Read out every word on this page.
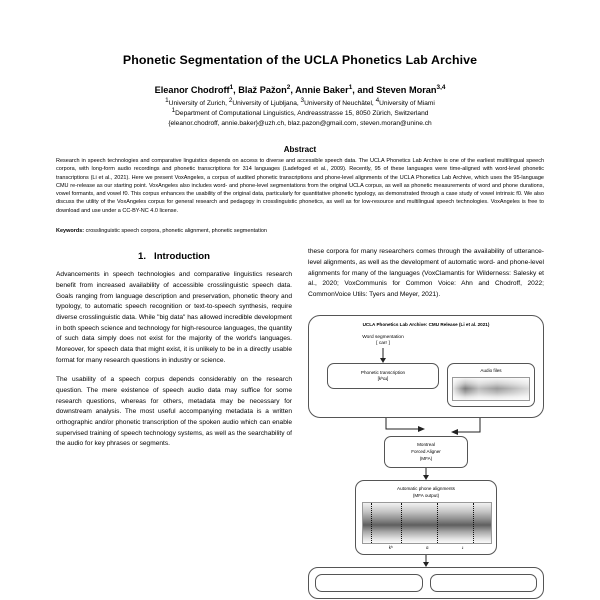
Phonetic Segmentation of the UCLA Phonetics Lab Archive
Eleanor Chodroff$^1$, Blaž Pažon$^2$, Annie Baker$^1$, and Steven Moran$^{3,4}$
$^1$University of Zurich, $^2$University of Ljubljana, $^3$University of Neuchâtel, $^4$University of Miami
$^1$Department of Computational Linguistics, Andreasstrasse 15, 8050 Zürich, Switzerland
{eleanor.chodroff, annie.baker}@uzh.ch, blaz.pazon@gmail.com, steven.moran@unine.ch
Abstract

Research in speech technologies and comparative linguistics depends on access to diverse and accessible speech data. The UCLA Phonetics Lab Archive is one of the earliest multilingual speech corpora, with long-form audio recordings and phonetic transcriptions for 314 languages (Ladefoged et al., 2009). Recently, 95 of these languages were time-aligned with word-level phonetic transcriptions (Li et al., 2021). Here we present VoxAngeles, a corpus of audited phonetic transcriptions and phone-level alignments of the UCLA Phonetics Lab Archive, which uses the 95-language CMU re-release as our starting point. VoxAngeles also includes word- and phone-level segmentations from the original UCLA corpus, as well as phonetic measurements of word and phone durations, vowel formants, and vowel f0. This corpus enhances the usability of the original data, particularly for quantitative phonetic typology, as demonstrated through a case study of vowel intrinsic f0. We also discuss the utility of the VoxAngeles corpus for general research and pedagogy in crosslinguistic phonetics, as well as for low-resource and multilingual speech technologies. VoxAngeles is free to download and use under a CC-BY-NC 4.0 license.

Keywords: crosslinguistic speech corpora, phonetic alignment, phonetic segmentation

1. Introduction

Advancements in speech technologies and comparative linguistics research benefit from increased availability of accessible crosslinguistic speech data. Goals ranging from language description and preservation, phonetic theory and typology, to automatic speech recognition or text-to-speech synthesis, require diverse crosslinguistic data. While "big data" has allowed incredible development in both speech science and technology for high-resource languages, the quantity of such data simply does not exist for the majority of the world's languages. Moreover, for speech data that might exist, it is unlikely to be in a directly usable format for many research questions in industry or science.

The usability of a speech corpus depends considerably on the research question. The mere existence of speech audio data may suffice for some research questions, whereas for others, metadata may be necessary for downstream analysis. The most useful accompanying metadata is a written orthographic and/or phonetic transcription of the spoken audio which can enable supervised training of speech technology systems, as well as the searchability of the audio for key phrases or segments.

these corpora for many researchers comes through the availability of utterance-level alignments, as well as the development of automatic word- and phone-level alignments for many of the languages (VoxClamantis for Wilderness: Salesky et al., 2020; VoxCommunis for Common Voice: Ahn and Chodroff, 2022; CommonVoice Utils: Tyers and Meyer, 2021).

UCLA Phonetics Lab Archive: CMU Release (Li et al. 2021)
Word segmentation
[ carr ]
Phonetic transcription
[kʰɑɹ]
Audio files
Montreal
Forced Aligner
(MFA)
Automatic phone alignments
(MFA output)
kʰ	ɑ	ɹ
